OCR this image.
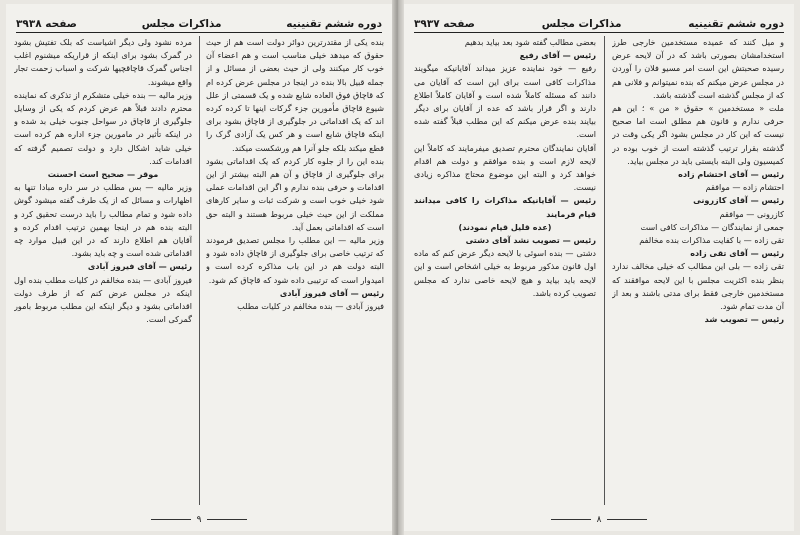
دوره ششم تقنینیه
مذاکرات مجلس
صفحه ۳۹۳۸

بنده یکی از مقتدرترین دوائر دولت است هم از حیث حقوق که میدهد خیلی مناسب است و هم اعضاء آن خوب کار میکنند ولی از حیث بعضی از مسائل و از جمله قبیل بالا بنده در اینجا در مجلس عرض کرده ام که قاچاق فوق العاده شایع شده و یک قسمتی از علل شیوع قاچاق مأمورین جزء گرکات اینها تا کرده کرده اند که یک اقداماتی در جلوگیری از قاچاق بشود برای اینکه قاچاق شایع است و هر کس یک آزادی گرک را قطع میکند بلکه جلو آنرا هم ورشکست میکند.

بنده این را از جلوه کار کردم که یک اقداماتی بشود برای جلوگیری از قاچاق و آن هم البته بیشتر از این اقدامات و حرفی بنده ندارم و اگر این اقدامات عملی شود خیلی خوب است و شرکت ثبات و سایر کارهای مملکت از این حیث خیلی مربوط هستند و البته حق است که اقداماتی بعمل آید.

وزیر مالیه — این مطلب را مجلس تصدیق فرمودند که ترتیب خاصی برای جلوگیری از قاچاق داده شود و البته دولت هم در این باب مذاکره کرده است و امیدوار است که ترتیبی داده شود که قاچاق کم شود.

رئیس — آقای فیروز آبادی

فیروز آبادی — بنده مخالفم در کلیات مطلب

مرده نشود ولی دیگر اشیاست که بلک تفتیش بشود در گمرک بشود برای اینکه از قراریکه میشنوم اغلب اجناس گمرک قاچاقچیها شرکت و اسباب زحمت تجار واقع میشوند.

وزیر مالیه — بنده خیلی متشکرم از تذکری که نماینده محترم دادند قبلاً هم عرض کردم که یکی از وسایل جلوگیری از قاچاق در سواحل جنوب خیلی بد شده و در اینکه تأثیر در مامورین جزء اداره هم کرده است خیلی شاید اشکال دارد و دولت تصمیم گرفته که اقدامات کند.

موقر — صحیح است احسنت

وزیر مالیه — بس مطلب در سر داره مبادا تنها به اظهارات و مسائل که از یک طرف گفته میشود گوش داده شود و تمام مطالب را باید درست تحقیق کرد و البته بنده هم در اینجا بهمین ترتیب اقدام کرده و آقایان هم اطلاع دارند که در این قبیل موارد چه اقداماتی شده است و چه باید بشود.

رئیس — آقای فیروز آبادی

فیروز آبادی — بنده مخالفم در کلیات مطلب بنده اول اینکه در مجلس عرض کنم که از طرف دولت اقداماتی بشود و دیگر اینکه این مطلب مربوط بامور گمرکی است.

۹
دوره ششم تقنینیه
مذاکرات مجلس
صفحه ۳۹۳۷

و میل کنند که عمیده مستخدمین خارجی طرز استخدامشان بصورتی باشد که در آن لایحه عرض رسیده صحبتش این است امر مسیو فلان را آوردن در مجلس عرض میکنم که بنده نمیتوانم و فلانی هم که از مجلس گذشته است گذشته باشد.

ملت « مستخدمین » حقوق « من » ؛ این هم حرفی ندارم و قانون هم مطلق است اما صحیح نیست که این کار در مجلس بشود اگر یکی وقت در گذشته بقرار ترتیب گذشته است از خوب بوده در کمیسیون ولی البته بایستی باید در مجلس بیاید.

رئیس — آقای احتشام زاده

احتشام زاده — موافقم

رئیس — آقای کازرونی

کازرونی — موافقم

جمعی از نمایندگان — مذاکرات کافی است

تقی زاده — با کفایت مذاکرات بنده مخالفم

رئیس — آقای تقی زاده

تقی زاده — بلی این مطالب که خیلی مخالف ندارد بنظر بنده اکثریت مجلس با این لایحه موافقند که مستخدمین خارجی فقط برای مدتی باشند و بعد از آن مدت تمام شود.

رئیس — تصویب شد

بعضی مطالب گفته شود بعد بیاید بدهیم

رئیس — آقای رفیع

رفیع — خود نماینده عزیز میداند آقایانیکه میگویند مذاکرات کافی است برای این است که آقایان می دانند که مسئله کاملاً شده است و آقایان کاملاً اطلاع دارند و اگر قرار باشد که عده از آقایان برای دیگر بیایند بنده عرض میکنم که این مطلب قبلاً گفته شده است.

آقایان نمایندگان محترم تصدیق میفرمایند که کاملاً این لایحه لازم است و بنده موافقم و دولت هم اقدام خواهد کرد و البته این موضوع محتاج مذاکره زیادی نیست.

رئیس — آقایانیکه مذاکرات را کافی میدانند قیام فرمایند

(عده قلیل قیام نمودند)

رئیس — تصویب نشد آقای دشتی

دشتی — بنده اسوئی با لایحه دیگر عرض کنم که ماده اول قانون مذکور مربوط به خیلی اشخاص است و این لایحه باید بیاید و هیچ لایحه خاصی ندارد که مجلس تصویب کرده باشد.

۸
